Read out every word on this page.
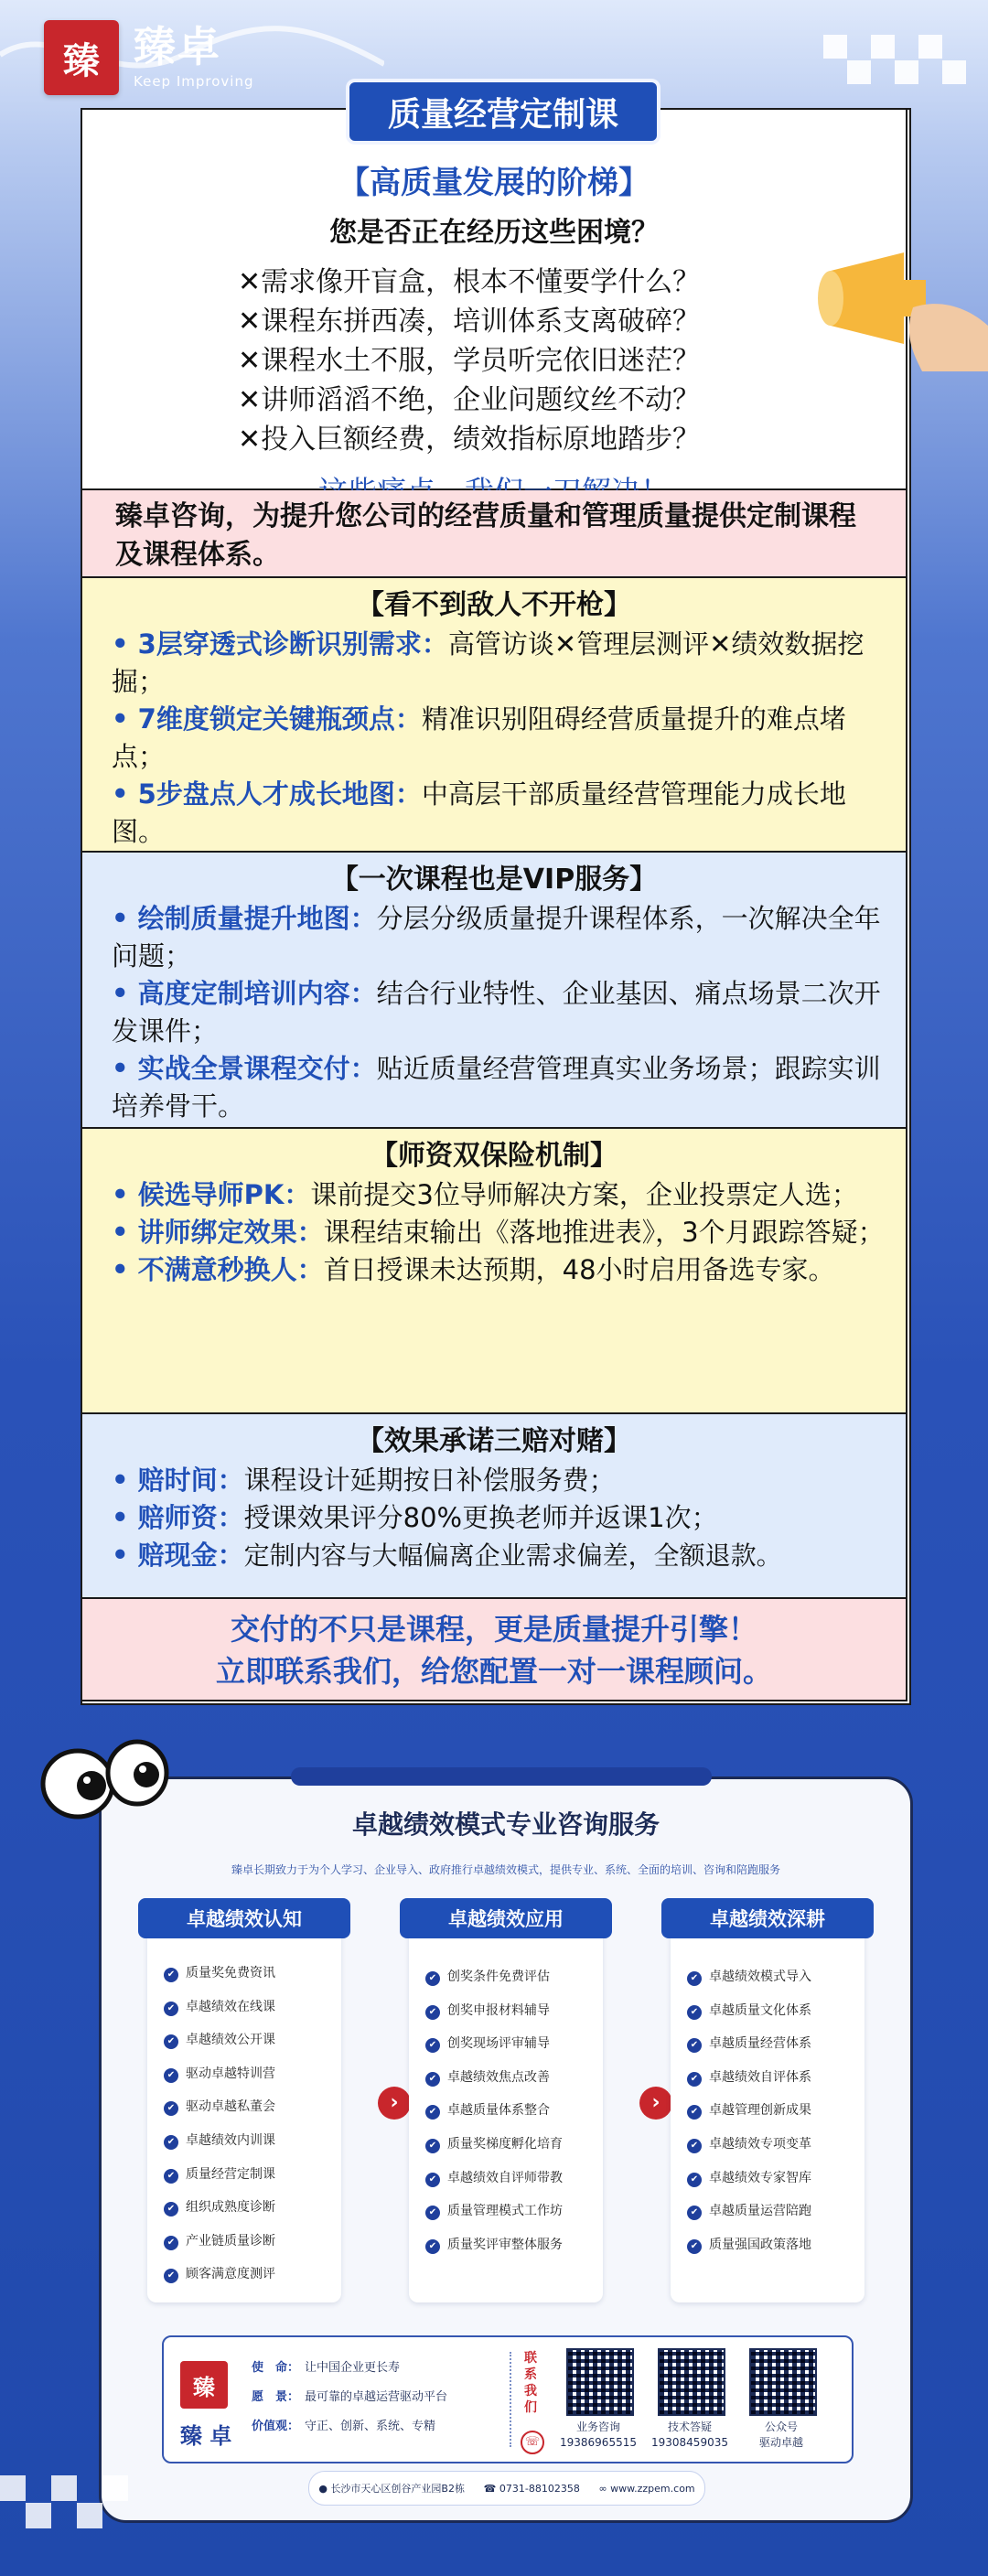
臻 臻卓
Keep Improving
【高质量发展的阶梯】
您是否正在经历这些困境？
✕需求像开盲盒，根本不懂要学什么？
✕课程东拼西凑，培训体系支离破碎？
✕课程水土不服，学员听完依旧迷茫？
✕讲师滔滔不绝，企业问题纹丝不动？
✕投入巨额经费，绩效指标原地踏步？
质量经营定制课
臻卓咨询，为提升您公司的经营质量和管理质量提供定制课程及课程体系。
【看不到敌人不开枪】
• 3层穿透式诊断识别需求：高管访谈✕管理层测评✕绩效数据挖掘；
• 7维度锁定关键瓶颈点：精准识别阻碍经营质量提升的难点堵点；
• 5步盘点人才成长地图：中高层干部质量经营管理能力成长地图。
【一次课程也是VIP服务】
• 绘制质量提升地图：分层分级质量提升课程体系，一次解决全年问题；
• 高度定制培训内容：结合行业特性、企业基因、痛点场景二次开发课件；
• 实战全景课程交付：贴近质量经营管理真实业务场景；跟踪实训培养骨干。
【师资双保险机制】
• 候选导师PK：课前提交3位导师解决方案，企业投票定人选；
• 讲师绑定效果：课程结束输出《落地推进表》，3个月跟踪答疑；
• 不满意秒换人：首日授课未达预期，48小时启用备选专家。
【效果承诺三赔对赌】
• 赔时间：课程设计延期按日补偿服务费；
• 赔师资：授课效果评分80%更换老师并返课1次；
• 赔现金：定制内容与大幅偏离企业需求偏差，全额退款。
交付的不只是课程，更是质量提升引擎！
立即联系我们，给您配置一对一课程顾问。
卓越绩效模式专业咨询服务
臻卓长期致力于为个人学习、企业导入、政府推行卓越绩效模式，提供专业、系统、全面的培训、咨询和陪跑服务
卓越绩效认知
✔ 质量奖免费资讯
✔ 卓越绩效在线课
✔ 卓越绩效公开课
✔ 驱动卓越特训营
✔ 驱动卓越私董会
✔ 卓越绩效内训课
✔ 质量经营定制课
✔ 组织成熟度诊断
✔ 产业链质量诊断
✔ 顾客满意度测评
›
卓越绩效应用
✔ 创奖条件免费评估
✔ 创奖申报材料辅导
✔ 创奖现场评审辅导
✔ 卓越绩效焦点改善
✔ 卓越质量体系整合
✔ 质量奖梯度孵化培育
✔ 卓越绩效自评师带教
✔ 质量管理模式工作坊
✔ 质量奖评审整体服务
›
卓越绩效深耕
✔ 卓越绩效模式导入
✔ 卓越质量文化体系
✔ 卓越质量经营体系
✔ 卓越绩效自评体系
✔ 卓越管理创新成果
✔ 卓越绩效专项变革
✔ 卓越绩效专家智库
✔ 卓越质量运营陪跑
✔ 质量强国政策落地
臻
臻 卓
使　命： 让中国企业更长寿
愿　景： 最可靠的卓越运营驱动平台
价值观： 守正、创新、系统、专精
联系我们
☏
业务咨询
19386965515
技术答疑
19308459035
公众号
驱动卓越
● 长沙市天心区创谷产业园B2栋 ☎ 0731-88102358 ∞ www.zzpem.com
